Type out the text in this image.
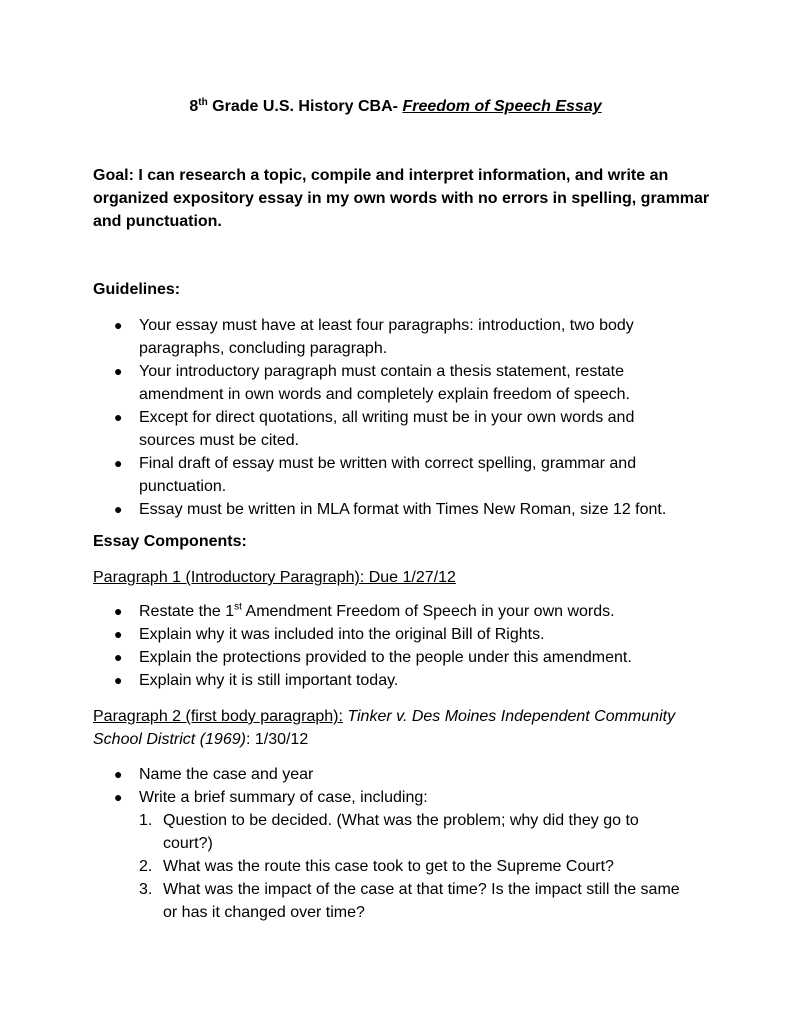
8th Grade U.S. History CBA- Freedom of Speech Essay
Goal: I can research a topic, compile and interpret information, and write an organized expository essay in my own words with no errors in spelling, grammar and punctuation.
Guidelines:
● Your essay must have at least four paragraphs: introduction, two body paragraphs, concluding paragraph.
● Your introductory paragraph must contain a thesis statement, restate amendment in own words and completely explain freedom of speech.
● Except for direct quotations, all writing must be in your own words and sources must be cited.
● Final draft of essay must be written with correct spelling, grammar and punctuation.
● Essay must be written in MLA format with Times New Roman, size 12 font.
Essay Components:
Paragraph 1 (Introductory Paragraph): Due 1/27/12
● Restate the 1st Amendment Freedom of Speech in your own words.
● Explain why it was included into the original Bill of Rights.
● Explain the protections provided to the people under this amendment.
● Explain why it is still important today.
Paragraph 2 (first body paragraph): Tinker v. Des Moines Independent Community School District (1969): 1/30/12
● Name the case and year
● Write a brief summary of case, including:
1. Question to be decided. (What was the problem; why did they go to court?)
2. What was the route this case took to get to the Supreme Court?
3. What was the impact of the case at that time? Is the impact still the same or has it changed over time?
